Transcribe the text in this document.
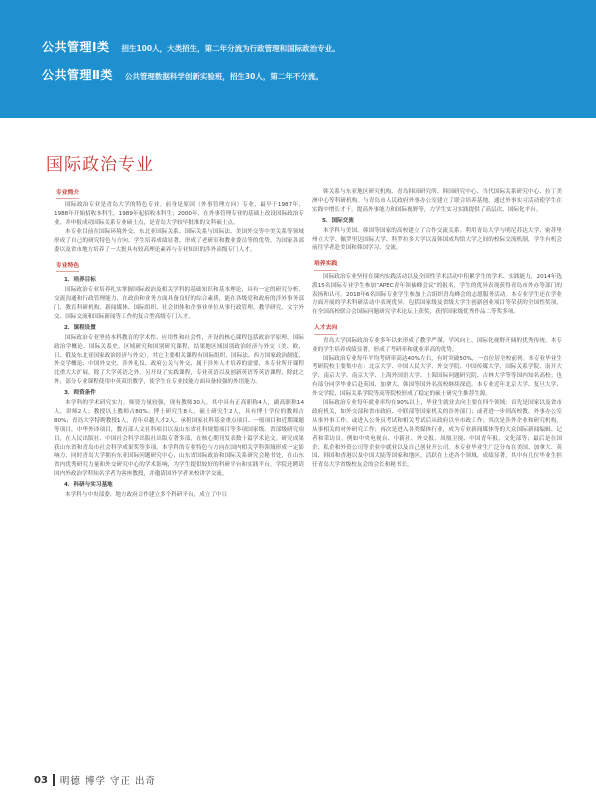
公共管理Ⅰ类 招生100人，大类招生，第二年分流为行政管理和国际政治专业。
公共管理Ⅱ类 公共管理数据科学创新实验班，招生30人，第二年不分流。
国际政治专业
专业简介

国际政治专业是青岛大学的特色专业。前身是原国（外事管理方向）专业，最早于1987年，1988年开始招收本科生，1989年起招收本科生；2000年，在外事管理专业的基础上改设国际政治专业，并申报成功国际关系专业硕士点，是青岛大学较早批准的文科硕士点。

本专业目前在国际环境外交、东北亚国际关系、国际关系与国际法、美国外交等中美关系等领域形成了自己的研究特色与方向。学生培养成绩显著，形成了老研室和教业委员等的优势，为国家各部委以及省市地方培养了一大批具有较高理论素养与专业知识的涉外高级专门人才。

专业特色
1．培养目标

国际政治专业培养扎实掌握国际政治及相关学科的基础知识和基本理论，具有一定的研究分析、交流沟通和行政管理能力，在政治和业务方面具备良好的综合素质，能在各级党和政府的涉外事务部门、教育科研机构、新闻媒体、国际组织、社会团体和企事业单位从事行政管理、教学研究、文字外交、国际交流和国际新闻等工作的复合型高级专门人才。

2．课程设置

国际政治专业坚持本科教育的学术性、应用性和社会性，开设的核心课程包括政治学原理、国际政治学概论、国际关系史、区域研究和国别研究课程，结果地区域国别政治经济与外交（美、欧、日、俄及东北亚国家政治经济与外交）。其它主要相关课程有国际组织、国际法、西方国家政治制度、外交学概论、中国外交史、涉外礼仪、政府公关与外交、属于涉外人才培养的需要，本专业所开课程比重大大扩展，除了大学英语之外，另开设了实践课程，专业英语以及创新英语等英语课程，除此之外，部分专业课程使用中英双语教学，使学生在专业技能方面具备较强的外语能力。

3．师资条件

本学科的学术研究实力，师资力量较强，现有教师30人，其中具有正高职称4人，副高职称14人，讲师2人；教授以上教师占80%；博士研究生8人，硕士研究生2人，具有博士学位的教师占80%；青岛大学特聘教授1人，青年卓越人才2人。承担国家社科基金重点项目、一般项目和近期课题等项目，中华外译项目，教育部人文社科项目以及山东省社科规划项目等多项国家级、省部级研究项目，在人民出版社、中国社会科学出版社出版专著多部，在核心期刊发表数十篇学术论文。研究成果获山东省和青岛市社会科学成果奖等多项。本学科的专业特色与方向在国内相关学科领域形成一定影响力，同时青岛大学拥有东亚国际问题研究中心，山东省国际政治和国际关系研究会秘书处，在山东省内优秀研究力量和外交研究中心的学术影响，为学生提供较好的科研平台和实践平台，学院还聘请国内外政治学科知名学者为客座教授，并邀请国外学者来校讲学交流。

4．科研与实习基地

本学科与中央部委、地方政府合作建立多个科研平台，成立了中日

韩关系与东亚地区研究机构、青岛韩国研究所、韩国研究中心、当代国际关系研究中心、拉丁美洲中心等科研机构。与青岛市人民政府外事办公室建立了联合培养基地，通过外事实习活动使学生在实践中增长才干，提高外事能力和国际视野等，力学生实习实践提供了高层次、国际化平台。

5．国际交流

本学科与美国、韩国等国家的高校建立了合作交流关系。利用青岛大学与明尼苏达大学、密苏里州立大学、佩罗里达国际大学、科罗拉多大学以及韩国成均馆大学之间的校际交流机制，学生有机会前往学者赴美国和韩国学习、交流。

培养实践

国际政治专业坚持在课内实践活动以及全国性学术活动中积累学生的学术、实践能力，2014年选派15名国际专业学生参加“APEC青年领袖峰会议”的报名，学生的优异表现获得青岛市外办等部门的表扬和认可。2018年6名国际专业学生参加上合组织青岛峰会的志愿服务活动。本专业学生还在学业方面开展的学术科研活动中表现优异，包括国家级及省级大学生创新创业项目等荣获的全国性奖项，在全国高校联合会国际问题研究学术论坛上获奖，获得国家级优秀作品二等奖多项。

人才去向

青岛大学国际政治专业多年以来形成了教学严谨、学风向上、国际化视野开阔的优秀传统。本专业的学生培养成绩显著，形成了考研率和就业率高的优势。

国际政治专业每年平均考研率高达40%左右，有时突破50%，一直位居全校前列。本专业毕业生考研院校主要集中在：北京大学、中国人民大学、外交学院、中国传媒大学、国际关系学院、南开大学、南京大学、南京大学、上海外国语大学、上海国际问题研究院、吉林大学等等国内知名高校；也有部分同学毕业后赴英国、加拿大、韩国等国外名高校继续深造。本专业近年北京大学、复旦大学、外交学院、国际关系学院等高等院校形成了稳定的硕士研究生推荐生源。

国际政治专业每年就业率均在90%以上，毕业生就业去向主要在四个领域：首先是国家以及省市政府机关，如外交部和省市政府、中联部等国家机关的涉外部门；或者进一步到高校教、外事办公室从事外事工作，或进入公务员考试和相关考试后从政府以至市政工作；其次是涉外企业和研究机构，从事相关的对外研究工作；再次是进入各类媒体行业，成为专业新闻媒体等的大众国际新闻编辑、记者和采访员，例如中央电视台、中新社、外交报、凤凰卫视、中国青年报、文化部等；最后是在国企、私企和外资公司等企业中就业以及自己创业开公司。本专业毕业生广泛分布在美国、加拿大、英国、韩国和香港以及中国大陆等国家和地区，活跃在上述各个领域，成绩显著，其中有几位毕业生担任青岛大学省级校友会的会长和秘书长。

03 明德 博学 守正 出奇
